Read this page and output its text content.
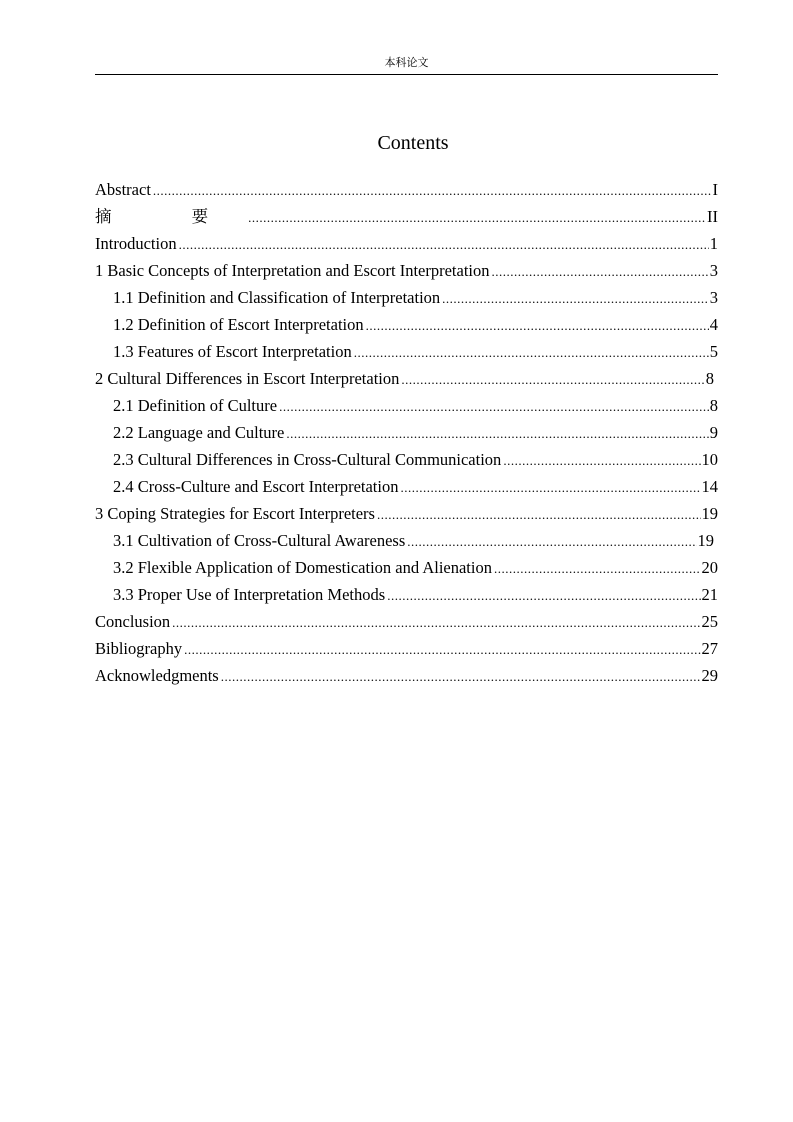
本科论文
Contents
Abstract .....	I
摘 要 .....	II
Introduction .....	1
1 Basic Concepts of Interpretation and Escort Interpretation .....	3
1.1 Definition and Classification of Interpretation .....	3
1.2 Definition of Escort Interpretation .....	4
1.3 Features of Escort Interpretation .....	5
2 Cultural Differences in Escort Interpretation .....	8
2.1 Definition of Culture .....	8
2.2 Language and Culture .....	9
2.3 Cultural Differences in Cross-Cultural Communication .....	10
2.4 Cross-Culture and Escort Interpretation .....	14
3 Coping Strategies for Escort Interpreters .....	19
3.1 Cultivation of Cross-Cultural Awareness .....	19
3.2 Flexible Application of Domestication and Alienation .....	20
3.3 Proper Use of Interpretation Methods .....	21
Conclusion .....	25
Bibliography .....	27
Acknowledgments .....	29
